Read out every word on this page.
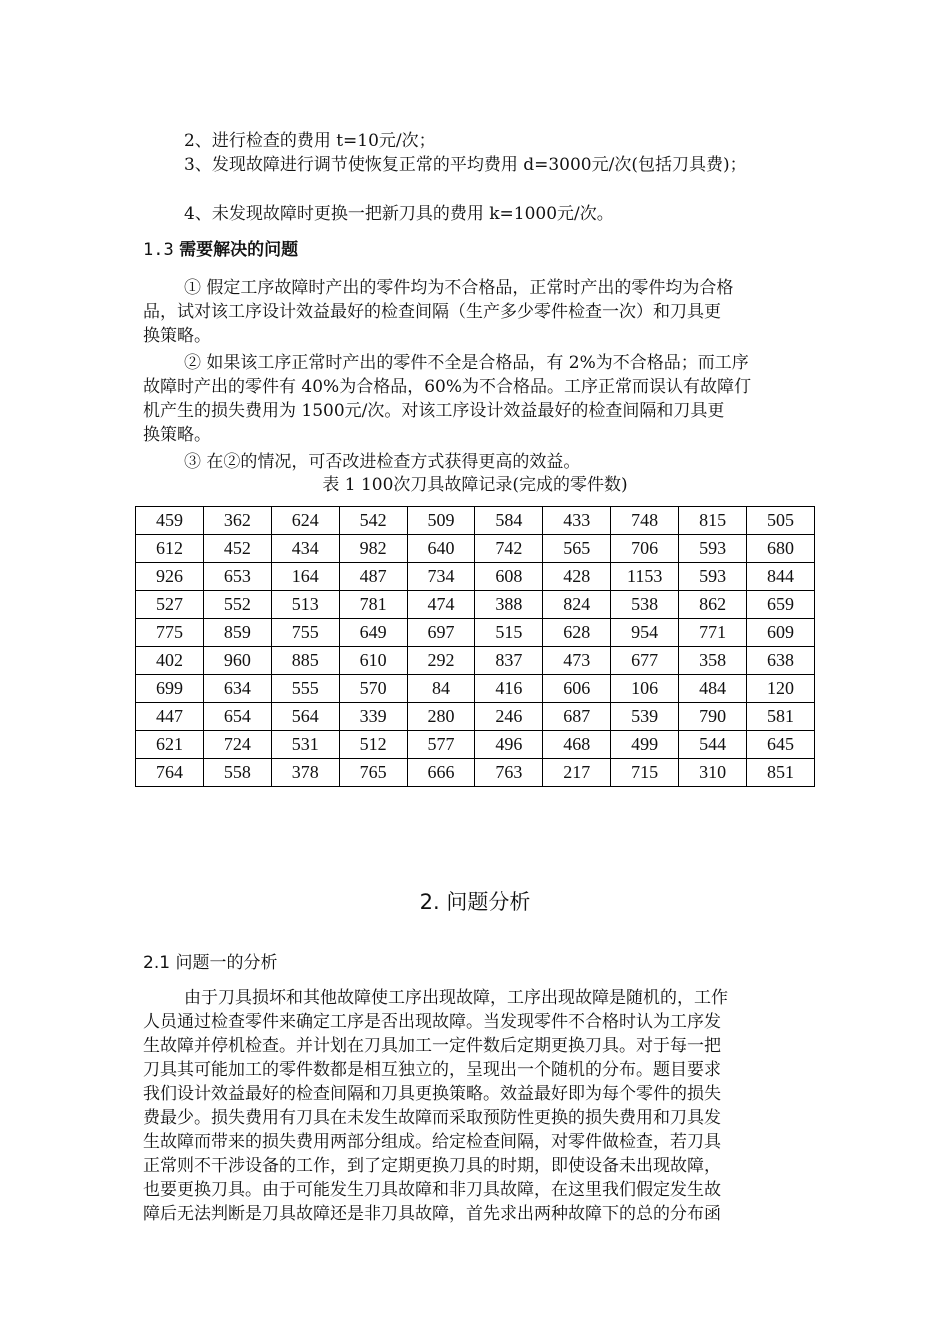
2、进行检查的费用 t=10元/次；
3、发现故障进行调节使恢复正常的平均费用 d=3000元/次(包括刀具费)；
4、未发现故障时更换一把新刀具的费用 k=1000元/次。
1.3 需要解决的问题
① 假定工序故障时产出的零件均为不合格品，正常时产出的零件均为合格
品，试对该工序设计效益最好的检查间隔（生产多少零件检查一次）和刀具更
换策略。
② 如果该工序正常时产出的零件不全是合格品，有 2%为不合格品；而工序
故障时产出的零件有 40%为合格品，60%为不合格品。工序正常而误认有故障仃
机产生的损失费用为 1500元/次。对该工序设计效益最好的检查间隔和刀具更
换策略。
③ 在②的情况，可否改进检查方式获得更高的效益。
表 1 100次刀具故障记录(完成的零件数)
459	362	624	542	509	584	433	748	815	505
612	452	434	982	640	742	565	706	593	680
926	653	164	487	734	608	428	1153	593	844
527	552	513	781	474	388	824	538	862	659
775	859	755	649	697	515	628	954	771	609
402	960	885	610	292	837	473	677	358	638
699	634	555	570	84	416	606	106	484	120
447	654	564	339	280	246	687	539	790	581
621	724	531	512	577	496	468	499	544	645
764	558	378	765	666	763	217	715	310	851
2. 问题分析
2.1 问题一的分析
由于刀具损坏和其他故障使工序出现故障，工序出现故障是随机的，工作
人员通过检查零件来确定工序是否出现故障。当发现零件不合格时认为工序发
生故障并停机检查。并计划在刀具加工一定件数后定期更换刀具。对于每一把
刀具其可能加工的零件数都是相互独立的，呈现出一个随机的分布。题目要求
我们设计效益最好的检查间隔和刀具更换策略。效益最好即为每个零件的损失
费最少。损失费用有刀具在未发生故障而采取预防性更换的损失费用和刀具发
生故障而带来的损失费用两部分组成。给定检查间隔，对零件做检查，若刀具
正常则不干涉设备的工作，到了定期更换刀具的时期，即使设备未出现故障，
也要更换刀具。由于可能发生刀具故障和非刀具故障，在这里我们假定发生故
障后无法判断是刀具故障还是非刀具故障，首先求出两种故障下的总的分布函
